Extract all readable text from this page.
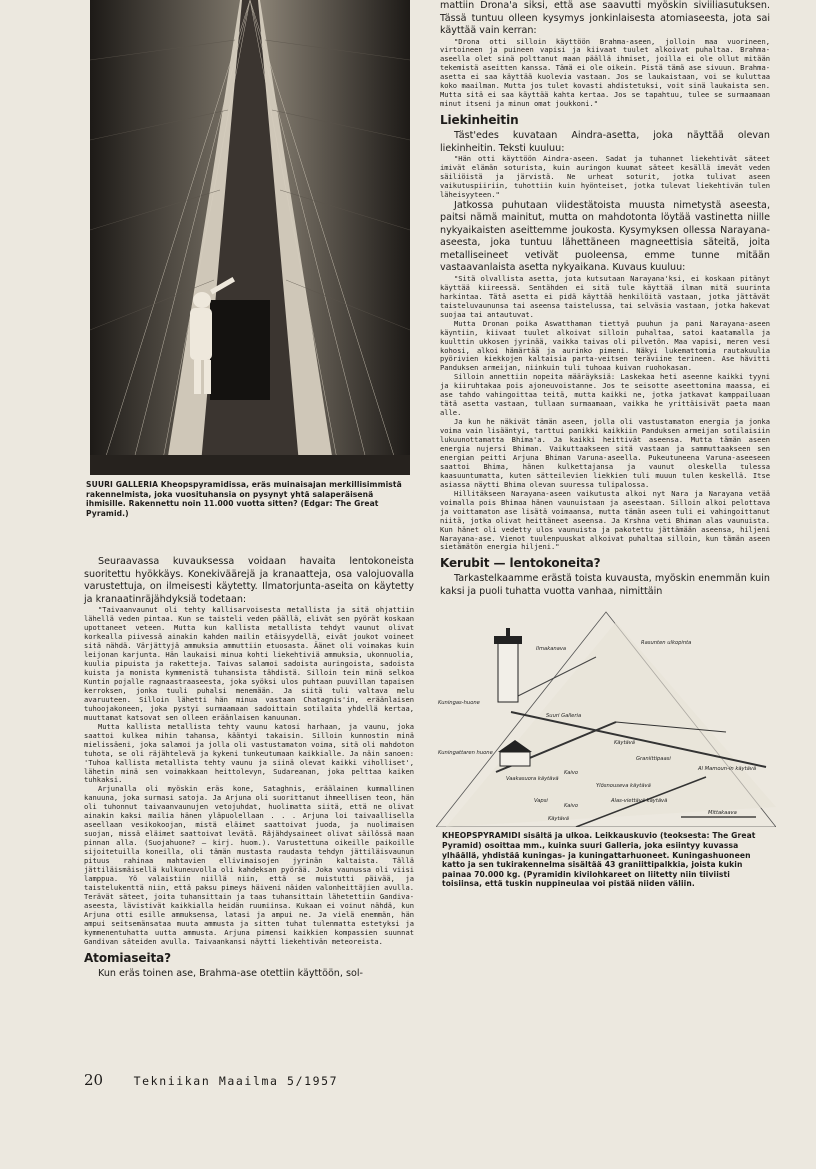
SUURI GALLERIA Kheopspyramidissa, eräs muinaisajan merkillisimmistä rakennelmista, joka vuosituhansia on pysynyt yhtä salaperäisenä ihmisille. Rakennettu noin 11.000 vuotta sitten? (Edgar: The Great Pyramid.)

Seuraavassa kuvauksessa voidaan havaita lentokoneista suoritettu hyökkäys. Konekiväärejä ja kranaatteja, osa valojuovalla varustettuja, on ilmeisesti käytetty. Ilmatorjunta-aseita on käytetty ja kranaatinräjähdyksiä todetaan:

"Taivaanvaunut oli tehty kallisarvoisesta metallista ja sitä ohjattiin lähellä veden pintaa. Kun se taisteli veden päällä, elivät sen pyörät koskaan upottaneet veteen. Mutta kun kallista metallista tehdyt vaunut olivat korkealla piivessä ainakin kahden mailin etäisyydellä, eivät joukot voineet sitä nähdä. Värjättyjä ammuksia ammuttiin etuosasta. Äänet oli voimakas kuin leijonan karjunta. Hän laukaisi minua kohti liekehtiviä ammuksia, ukonnuolia, kuulia pipuista ja raketteja. Taivas salamoi sadoista auringoista, sadoista kuista ja monista kymmenistä tuhansista tähdistä. Silloin tein minä selkoa Kuntin pojalle ragnaastraaseesta, joka syöksi ulos puhtaan puuvillan tapaisen kerroksen, jonka tuuli puhalsi menemään. Ja siitä tuli valtava melu avaruuteen. Silloin lähetti hän minua vastaan Chatagnis'in, eräänlaisen tuhoojakoneen, joka pystyi surmaamaan sadoittain sotilaita yhdellä kertaa, muuttamat katsovat sen olleen eräänlaisen kanuunan.

Mutta kallista metallista tehty vaunu katosi harhaan, ja vaunu, joka saattoi kulkea mihin tahansa, kääntyi takaisin. Silloin kunnostin minä mielissäeni, joka salamoi ja jolla oli vastustamaton voima, sitä oli mahdoton tuhota, se oli räjähtelevä ja kykeni tunkeutumaan kaikkialle. Ja näin sanoen: 'Tuhoa kallista metallista tehty vaunu ja siinä olevat kaikki viholliset', lähetin minä sen voimakkaan heittolevyn, Sudareanan, joka pelttaa kaiken tuhkaksi.

Arjunalla oli myöskin eräs kone, Sataghnis, eräälainen kummallinen kanuuna, joka surmasi satoja. Ja Arjuna oli suorittanut ihmeellisen teon, hän oli tuhonnut taivaanvaunujen vetojuhdat, huolimatta siitä, että ne olivat ainakin kaksi mailia hänen yläpuolellaan . . . Arjuna loi taivaallisella aseellaan vesikokoojan, mistä eläimet saattoivat juoda, ja nuolimaisen suojan, missä eläimet saattoivat levätä. Räjähdysaineet olivat säilössä maan pinnan alla. (Suojahuone? — kirj. huom.). Varustettuna oikeille paikoille sijoitetuilla koneilla, oli tämän mustasta raudasta tehdyn jättiläisvaunun pituus rahinaa mahtavien ellivimaisojen jyrinän kaltaista. Tällä jättiläismäisellä kulkuneuvolla oli kahdeksan pyörää. Joka vaunussa oli viisi lamppua. Yö valaistiin niillä niin, että se muistutti päivää, ja taistelukenttä niin, että paksu pimeys häiveni näiden valonheittäjien avulla. Terävät säteet, joita tuhansittain ja taas tuhansittain lähetettiin Gandiva-aseesta, lävistivät kaikkialla heidän ruumiinsa. Kukaan ei voinut nähdä, kun Arjuna otti esille ammuksensa, latasi ja ampui ne. Ja vielä enemmän, hän ampui seitsemänsataa muuta ammusta ja sitten tuhat tulenmatta estetyksi ja kymmenentuhatta uutta ammusta. Arjuna pimensi kaikkien kompassien suunnat Gandivan säteiden avulla. Taivaankansi näytti liekehtivän meteoreista.

Atomiaseita?

Kun eräs toinen ase, Brahma-ase otettiin käyttöön, sol-

mattiin Drona'a siksi, että ase saavutti myöskin siviiliasutuksen. Tässä tuntuu olleen kysymys jonkinlaisesta atomiaseesta, jota sai käyttää vain kerran:

"Drona otti silloin käyttöön Brahma-aseen, jolloin maa vuorineen, virtoineen ja puineen vapisi ja kiivaat tuulet alkoivat puhaltaa. Brahma-aseella olet sinä polttanut maan päällä ihmiset, joilla ei ole ollut mitään tekemistä aseitten kanssa. Tämä ei ole oikein. Pistä tämä ase sivuun. Brahma-asetta ei saa käyttää kuolevia vastaan. Jos se laukaistaan, voi se kuluttaa koko maailman. Mutta jos tulet kovasti ahdistetuksi, voit sinä laukaista sen. Mutta sitä ei saa käyttää kahta kertaa. Jos se tapahtuu, tulee se surmaamaan minut itseni ja minun omat joukkoni."

Liekinheitin

Täst'edes kuvataan Aindra-asetta, joka näyttää olevan liekinheitin. Teksti kuuluu:

"Hän otti käyttöön Aindra-aseen. Sadat ja tuhannet liekehtivät säteet imivät elämän soturista, kuin auringon kuumat säteet kesällä imevät veden säiliöistä ja järvistä. Ne urheat soturit, jotka tulivat aseen vaikutuspiiriin, tuhottiin kuin hyönteiset, jotka tulevat liekehtivän tulen läheisyyteen."

Jatkossa puhutaan viidestätoista muusta nimetystä aseesta, paitsi nämä mainitut, mutta on mahdotonta löytää vastinetta niille nykyaikaisten aseittemme joukosta. Kysymyksen ollessa Narayana-aseesta, joka tuntuu lähettäneen magneettisia säteitä, joita metalliseineet vetivät puoleensa, emme tunne mitään vastaavanlaista asetta nykyaikana. Kuvaus kuuluu:

"Sitä olvallista asetta, jota kutsutaan Narayana'ksi, ei koskaan pitänyt käyttää kiireessä. Sentähden ei sitä tule käyttää ilman mitä suurinta harkintaa. Tätä asetta ei pidä käyttää henkilöitä vastaan, jotka jättävät taisteluvaununsa tai aseensa taistelussa, tai selväsia vastaan, jotka hakevat suojaa tai antautuvat.

Mutta Dronan poika Aswatthaman tiettyä puuhun ja pani Narayana-aseen käyntiin, kiivaat tuulet alkoivat silloin puhaltaa, satoi kaatamalla ja kuulttin ukkosen jyrinää, vaikka taivas oli pilvetön. Maa vapisi, meren vesi kohosi, alkoi hämärtää ja aurinko pimeni. Näkyi lukemattomia rautakuulia pyörivien kiekkojen kaltaisia parta-veitsen teräviine terineen. Ase hävitti Panduksen armeijan, niinkuin tuli tuhoaa kuivan ruohokasan.

Silloin annettiin nopeita määräyksiä: Laskekaa heti aseenne kaikki tyyni ja kiiruhtakaa pois ajoneuvoistanne. Jos te seisotte aseettomina maassa, ei ase tahdo vahingoittaa teitä, mutta kaikki ne, jotka jatkavat kamppailuaan tätä asetta vastaan, tullaan surmaamaan, vaikka he yrittäisivät paeta maan alle.

Ja kun he näkivät tämän aseen, jolla oli vastustamaton energia ja jonka voima vain lisääntyi, tarttui panikki kaikkiin Panduksen armeijan sotilaisiin lukuunottamatta Bhima'a. Ja kaikki heittivät aseensa. Mutta tämän aseen energia nujersi Bhiman. Vaikuttaakseen sitä vastaan ja sammuttaakseen sen energian peitti Arjuna Bhiman Varuna-aseella. Pukeutuneena Varuna-aseeseen saattoi Bhima, hänen kulkettajansa ja vaunut oleskella tulessa kaasuuntumatta, kuten sätteilevien liekkien tuli muuun tulen keskellä. Itse asiassa näytti Bhima olevan suuressa tulipalossa.

Hillitäkseen Narayana-aseen vaikutusta alkoi nyt Nara ja Narayana vetää voimalla pois Bhimaa hänen vaunuistaan ja aseestaan. Silloin alkoi pelottava ja voittamaton ase lisätä voimaansa, mutta tämän aseen tuli ei vahingoittanut niitä, jotka olivat heittäneet aseensa. Ja Krshna veti Bhiman alas vaunuista. Kun hänet oli vedetty ulos vaunuista ja pakotettu jättämään aseensa, hiljeni Narayana-ase. Vienot tuulenpuuskat alkoivat puhaltaa silloin, kun tämän aseen sietämätön energia hiljeni."

Kerubit — lentokoneita?

Tarkastelkaamme erästä toista kuvausta, myöskin enemmän kuin kaksi ja puoli tuhatta vuotta vanhaa, nimittäin

Rasunten ulkopinta
Ilmakanava
Kuningas-huone
Suuri Galleria
Kuningattaren huone
Vaakasuora käytävä
Käytävä
Graniittipaasi
Al Mamoun-in käytävä
Kaivo
Vapsi
Ylösnouseva käytävä
Kaivo
Alas-viettävä käytävä
Käytävä
Mittakaava

KHEOPSPYRAMIDI sisältä ja ulkoa. Leikkauskuvio (teoksesta: The Great Pyramid) osoittaa mm., kuinka suuri Galleria, joka esiintyy kuvassa ylhäällä, yhdistää kuningas- ja kuningattarhuoneet. Kuningashuoneen katto ja sen tukirakennelma sisältää 43 graniittipalkkia, joista kukin painaa 70.000 kg. (Pyramidin kivilohkareet on liitetty niin tiiviisti toisiinsa, että tuskin nuppineulaa voi pistää niiden väliin.

20	Tekniikan Maailma 5/1957
